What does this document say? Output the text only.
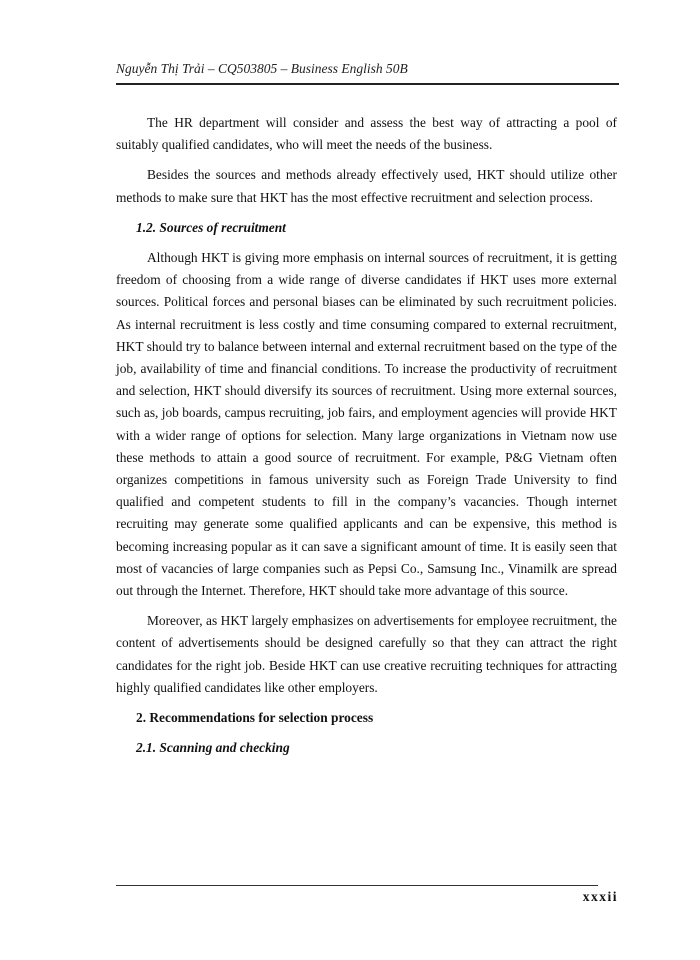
Nguyễn Thị Trải – CQ503805 – Business English 50B

The HR department will consider and assess the best way of attracting a pool of suitably qualified candidates, who will meet the needs of the business.

Besides the sources and methods already effectively used, HKT should utilize other methods to make sure that HKT has the most effective recruitment and selection process.

1.2. Sources of recruitment

Although HKT is giving more emphasis on internal sources of recruitment, it is getting freedom of choosing from a wide range of diverse candidates if HKT uses more external sources. Political forces and personal biases can be eliminated by such recruitment policies. As internal recruitment is less costly and time consuming compared to external recruitment, HKT should try to balance between internal and external recruitment based on the type of the job, availability of time and financial conditions. To increase the productivity of recruitment and selection, HKT should diversify its sources of recruitment. Using more external sources, such as, job boards, campus recruiting, job fairs, and employment agencies will provide HKT with a wider range of options for selection. Many large organizations in Vietnam now use these methods to attain a good source of recruitment. For example, P&G Vietnam often organizes competitions in famous university such as Foreign Trade University to find qualified and competent students to fill in the company’s vacancies. Though internet recruiting may generate some qualified applicants and can be expensive, this method is becoming increasing popular as it can save a significant amount of time. It is easily seen that most of vacancies of large companies such as Pepsi Co., Samsung Inc., Vinamilk are spread out through the Internet. Therefore, HKT should take more advantage of this source.

Moreover, as HKT largely emphasizes on advertisements for employee recruitment, the content of advertisements should be designed carefully so that they can attract the right candidates for the right job. Beside HKT can use creative recruiting techniques for attracting highly qualified candidates like other employers.

2. Recommendations for selection process
2.1. Scanning and checking
xxxii
